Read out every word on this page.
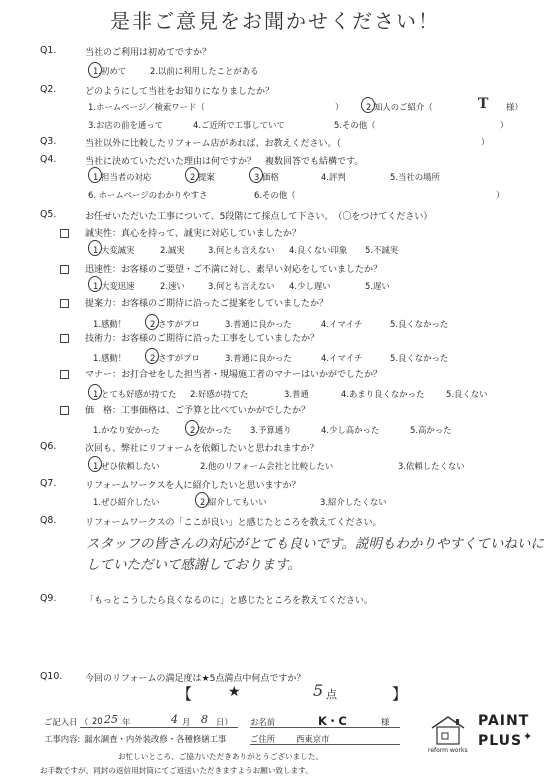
是非ご意見をお聞かせください！
Q1.	当社のご利用は初めてですか？
1.初めて	2.以前に利用したことがある
Q2.	どのようにして当社をお知りになりましたか？
1.ホームページ／検索ワード（	）	2.知人のご紹介（	T 様）
3.お店の前を通って	4.ご近所で工事していて	5.その他（	）
Q3.	当社以外に比較したリフォーム店があれば、お教えください。（	）
Q4.	当社に決めていただいた理由は何ですか？　複数回答でも結構です。
1.担当者の対応	2.提案	3.価格	4.評判	5.当社の場所
6. ホームページのわかりやすさ	6.その他（	）
Q5.	お任せいただいた工事について、5段階にて採点して下さい。　（〇をつけてください）
誠実性：真心を持って、誠実に対応していましたか？
1.大変誠実	2.誠実	3.何とも言えない 4.良くない印象 5.不誠実
迅速性：お客様のご要望・ご不満に対し、素早い対応をしていましたか？
1.大変迅速	2.速い	3.何とも言えない 4.少し遅い	5.遅い
提案力：お客様のご期待に沿ったご提案をしていましたか？
1.感動！	2.さすがプロ	3.普通に良かった	4.イマイチ	5.良くなかった
技術力：お客様のご期待に沿った工事をしていましたか？
1.感動！	2.さすがプロ	3.普通に良かった	4.イマイチ	5.良くなかった
マナー：お打合せをした担当者・現場施工者のマナーはいかがでしたか？
1.とても好感が持てた 2.好感が持てた	3.普通	4.あまり良くなかった	5.良くない
価　格：工事価格は、ご予算と比べていかがでしたか？
1.かなり安かった	2.安かった 3.予算通り	4.少し高かった	5.高かった
Q6.	次回も、弊社にリフォームを依頼したいと思われますか？
1.ぜひ依頼したい	2.他のリフォーム会社と比較したい	3.依頼したくない
Q7.	リフォームワークスを人に紹介したいと思いますか？
1.ぜひ紹介したい	2.紹介してもいい	3.紹介したくない
Q8.	リフォームワークスの「ここが良い」と感じたところを教えてください。
スタッフの皆さんの対応がとても良いです。説明もわかりやすくていねいに
していただいて感謝しております。
Q9.	「もっとこうしたら良くなるのに」と感じたところを教えてください。
Q10.	今回のリフォームの満足度は★5点満点中何点ですか？
【	★	5 点	】
ご記入日 （ 20 25 年	4 月 8 日） お名前	K・C	様
工事内容: 漏水調査・内外装改修・各種修繕工事	ご住所 西東京市
お忙しいところ、ご協力いただきありがとうございました。
お手数ですが、同封の返信用封筒にてご返送いただきますようお願い致します。
reform works
PAINT
PLUS ✦
